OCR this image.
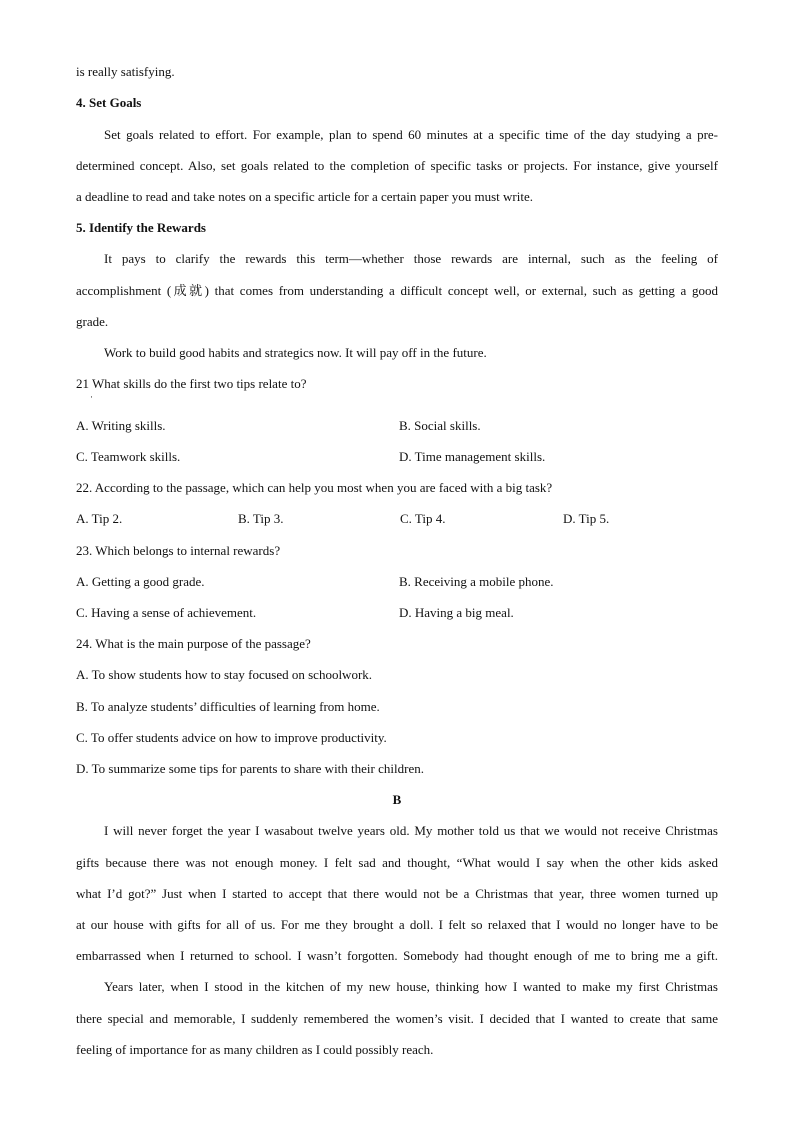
is really satisfying.
4. Set Goals
Set goals related to effort. For example, plan to spend 60 minutes at a specific time of the day studying a pre-
determined concept. Also, set goals related to the completion of specific tasks or projects. For instance, give yourself
a deadline to read and take notes on a specific article for a certain paper you must write.
5. Identify the Rewards
It pays to clarify the rewards this term—whether those rewards are internal, such as the feeling of
accomplishment (成就) that comes from understanding a difficult concept well, or external, such as getting a good
grade.
Work to build good habits and strategics now. It will pay off in the future.
21 What skills do the first two tips relate to?
·
A. Writing skills.	B. Social skills.
C. Teamwork skills.	D. Time management skills.
22. According to the passage, which can help you most when you are faced with a big task?
A. Tip 2.	B. Tip 3.	C. Tip 4.	D. Tip 5.
23. Which belongs to internal rewards?
A. Getting a good grade.	B. Receiving a mobile phone.
C. Having a sense of achievement.	D. Having a big meal.
24. What is the main purpose of the passage?
A. To show students how to stay focused on schoolwork.
B. To analyze students’ difficulties of learning from home.
C. To offer students advice on how to improve productivity.
D. To summarize some tips for parents to share with their children.
B
I will never forget the year I wasabout twelve years old. My mother told us that we would not receive Christmas
gifts because there was not enough money. I felt sad and thought, “What would I say when the other kids asked
what I’d got?” Just when I started to accept that there would not be a Christmas that year, three women turned up
at our house with gifts for all of us. For me they brought a doll. I felt so relaxed that I would no longer have to be
embarrassed when I returned to school. I wasn’t forgotten. Somebody had thought enough of me to bring me a gift.
Years later, when I stood in the kitchen of my new house, thinking how I wanted to make my first Christmas
there special and memorable, I suddenly remembered the women’s visit. I decided that I wanted to create that same
feeling of importance for as many children as I could possibly reach.
